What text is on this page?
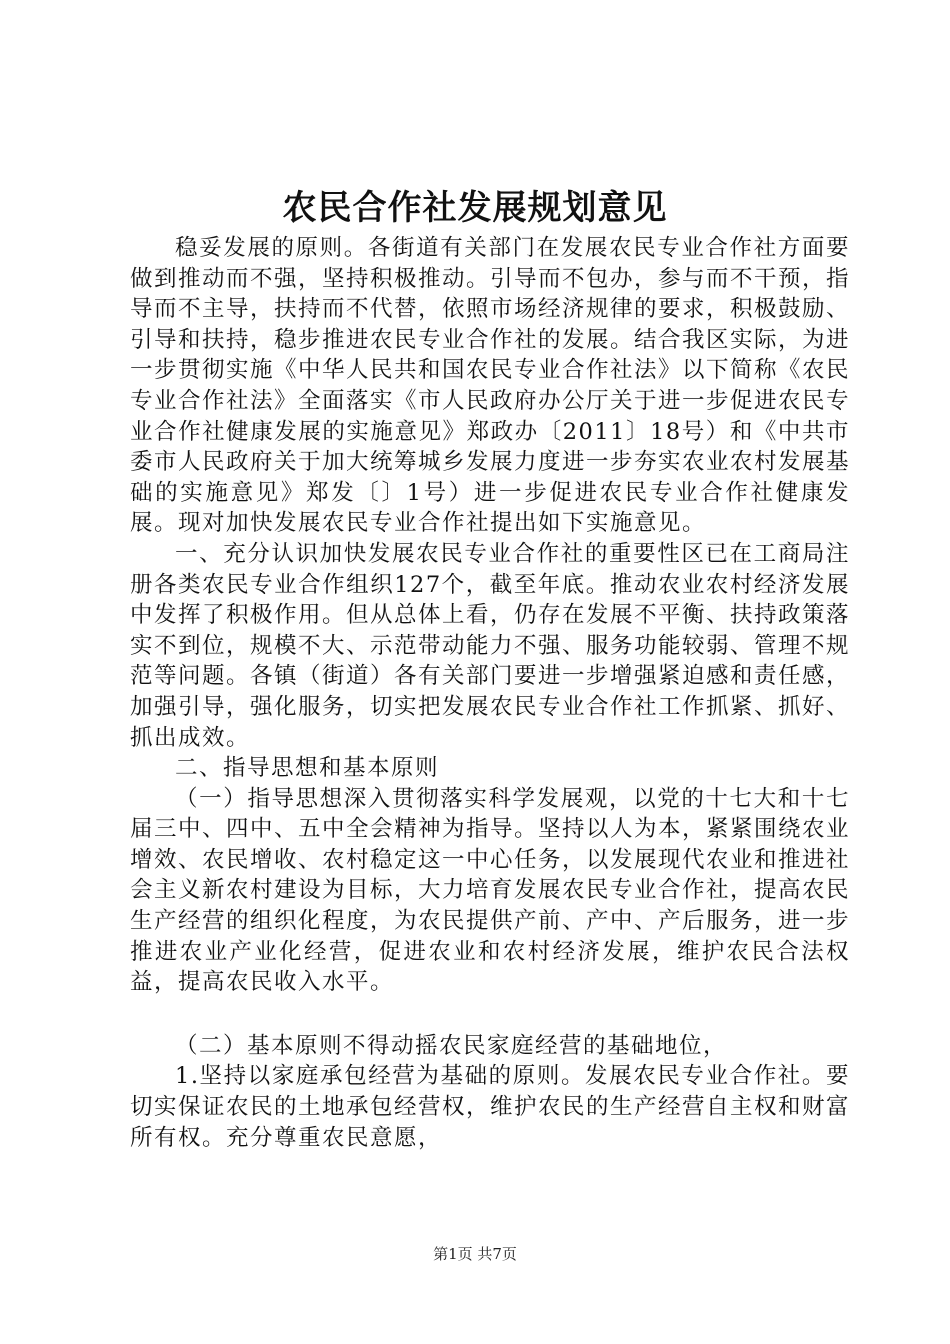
农民合作社发展规划意见

稳妥发展的原则。各街道有关部门在发展农民专业合作社方面要做到推动而不强，坚持积极推动。引导而不包办，参与而不干预，指导而不主导，扶持而不代替，依照市场经济规律的要求，积极鼓励、引导和扶持，稳步推进农民专业合作社的发展。结合我区实际，为进一步贯彻实施《中华人民共和国农民专业合作社法》以下简称《农民专业合作社法》全面落实《市人民政府办公厅关于进一步促进农民专业合作社健康发展的实施意见》郑政办〔2011〕18号）和《中共市委市人民政府关于加大统筹城乡发展力度进一步夯实农业农村发展基础的实施意见》郑发〔〕1号）进一步促进农民专业合作社健康发展。现对加快发展农民专业合作社提出如下实施意见。

一、充分认识加快发展农民专业合作社的重要性区已在工商局注册各类农民专业合作组织127个，截至年底。推动农业农村经济发展中发挥了积极作用。但从总体上看，仍存在发展不平衡、扶持政策落实不到位，规模不大、示范带动能力不强、服务功能较弱、管理不规范等问题。各镇（街道）各有关部门要进一步增强紧迫感和责任感，加强引导，强化服务，切实把发展农民专业合作社工作抓紧、抓好、抓出成效。

二、指导思想和基本原则

（一）指导思想深入贯彻落实科学发展观，以党的十七大和十七届三中、四中、五中全会精神为指导。坚持以人为本，紧紧围绕农业增效、农民增收、农村稳定这一中心任务，以发展现代农业和推进社会主义新农村建设为目标，大力培育发展农民专业合作社，提高农民生产经营的组织化程度，为农民提供产前、产中、产后服务，进一步推进农业产业化经营，促进农业和农村经济发展，维护农民合法权益，提高农民收入水平。

（二）基本原则不得动摇农民家庭经营的基础地位，

1.坚持以家庭承包经营为基础的原则。发展农民专业合作社。要切实保证农民的土地承包经营权，维护农民的生产经营自主权和财富所有权。充分尊重农民意愿，

第1页 共7页
